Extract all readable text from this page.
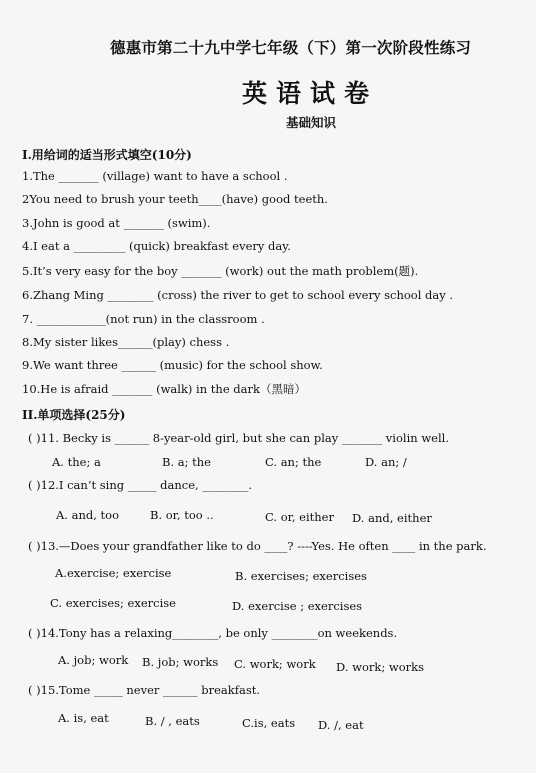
德惠市第二十九中学七年级（下）第一次阶段性练习
英语试卷
基础知识
I.用给词的适当形式填空(10分)
1.The _______ (village) want to have a school .
2You need to brush your teeth____(have) good teeth.
3.John is good at _______ (swim).
4.I eat a _________ (quick) breakfast every day.
5.It’s very easy for the boy _______ (work) out the math problem(题).
6.Zhang Ming ________ (cross) the river to get to school every school day .
7. ____________(not run) in the classroom .
8.My sister likes______(play) chess .
9.We want three ______ (music) for the school show.
10.He is afraid _______ (walk) in the dark（黑暗）
II.单项选择(25分)
( )11. Becky is ______ 8-year-old girl, but she can play _______ violin well.
A. the; a	B. a; the	C. an; the	D. an; /
( )12.I can’t sing _____ dance, ________.
A. and, too	B. or, too ..	C. or, either D. and, either
( )13.—Does your grandfather like to do ____? ----Yes. He often ____ in the park.
A.exercise; exercise	B. exercises; exercises
C. exercises; exercise	D. exercise ; exercises
( )14.Tony has a relaxing________, be only ________on weekends.
A. job; work B. job; works C. work; work D. work; works
( )15.Tome _____ never ______ breakfast.
A. is, eat	B. / , eats	C.is, eats D. /, eat
